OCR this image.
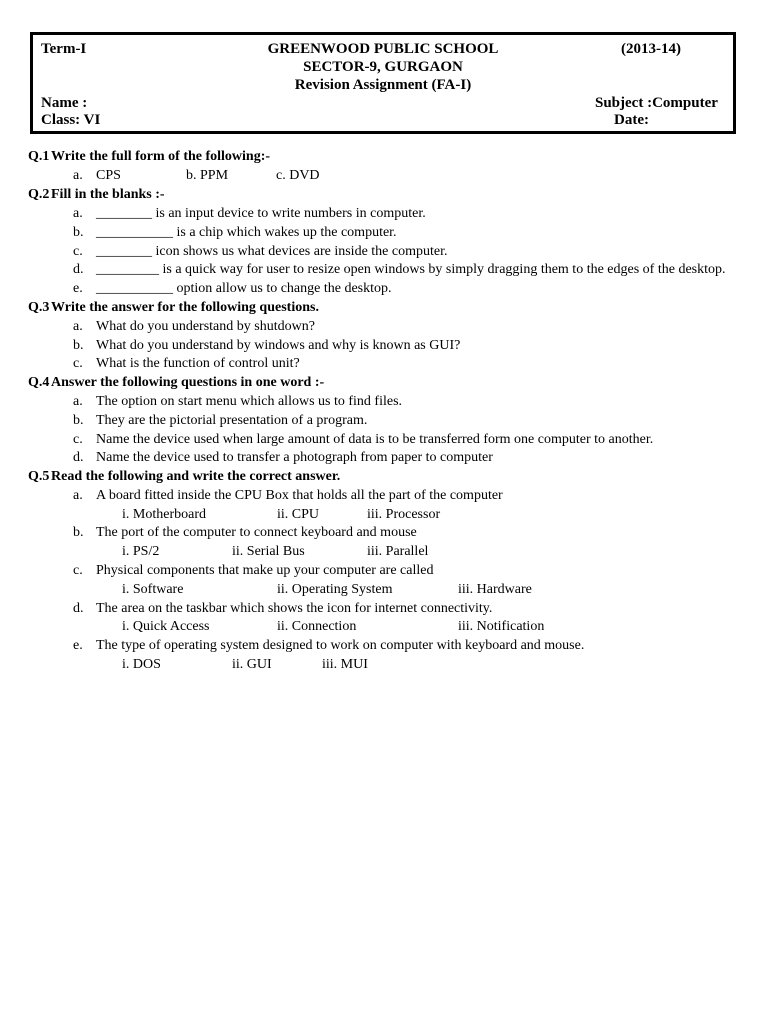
Term-I	GREENWOOD PUBLIC SCHOOL	(2013-14)
SECTOR-9, GURGAON
Revision Assignment (FA-I)
Name :	Subject :Computer
Class: VI	Date:
Q.1 Write the full form of the following:-
a. CPS	b. PPM	c. DVD
Q.2 Fill in the blanks :-
a. ________ is an input device to write numbers in computer.
b. ___________ is a chip which wakes up the computer.
c. ________ icon shows us what devices are inside the computer.
d. _________ is a quick way for user to resize open windows by simply dragging them to the edges of the desktop.
e. ___________ option allow us to change the desktop.
Q.3 Write the answer for the following questions.
a. What do you understand by shutdown?
b. What do you understand by windows and why is known as GUI?
c. What is the function of control unit?
Q.4 Answer the following questions in one word :-
a. The option on start menu which allows us to find files.
b. They are the pictorial presentation of a program.
c. Name the device used when large amount of data is to be transferred form one computer to another.
d. Name the device used to transfer a photograph from paper to computer
Q.5 Read the following and write the correct answer.
a. A board fitted inside the CPU Box that holds all the part of the computer
i. Motherboard	ii. CPU	iii. Processor
b. The port of the computer to connect keyboard and mouse
i. PS/2	ii. Serial Bus	iii. Parallel
c. Physical components that make up your computer are called
i. Software	ii. Operating System	iii. Hardware
d. The area on the taskbar which shows the icon for internet connectivity.
i. Quick Access	ii. Connection	iii. Notification
e. The type of operating system designed to work on computer with keyboard and mouse.
i. DOS	ii. GUI	iii. MUI
